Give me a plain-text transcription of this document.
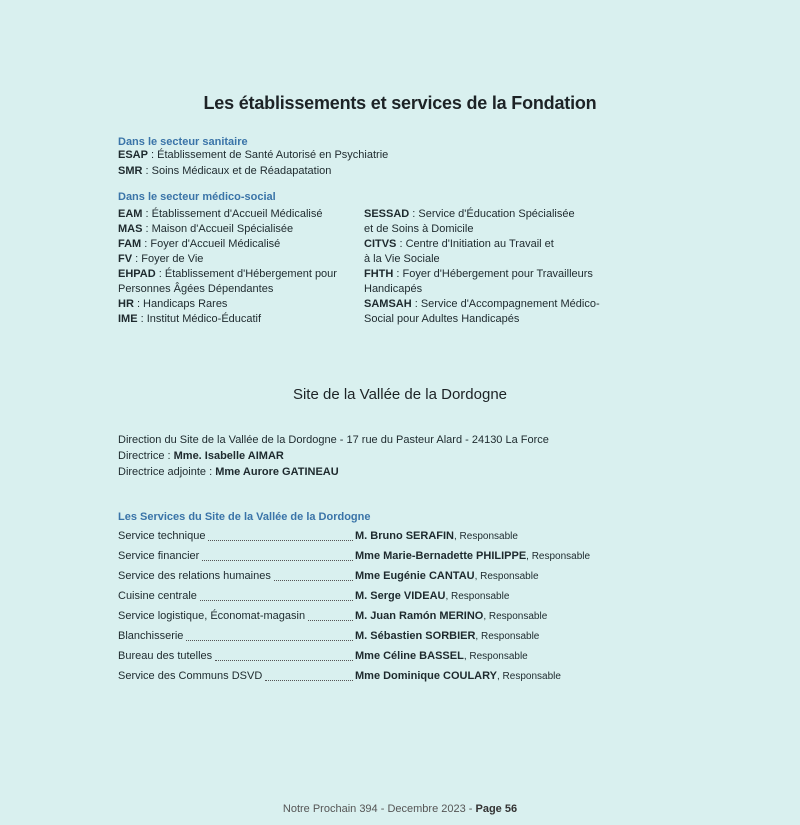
Les établissements et services de la Fondation
Dans le secteur sanitaire
ESAP : Établissement de Santé Autorisé en Psychiatrie
SMR : Soins Médicaux et de Réadapatation
Dans le secteur médico-social
EAM : Établissement d'Accueil Médicalisé
MAS : Maison d'Accueil Spécialisée
FAM : Foyer d'Accueil Médicalisé
FV : Foyer de Vie
EHPAD : Établissement d'Hébergement pour
Personnes Âgées Dépendantes
HR : Handicaps Rares
IME : Institut Médico-Éducatif
SESSAD : Service d'Éducation Spécialisée
et de Soins à Domicile
CITVS : Centre d'Initiation au Travail et
à la Vie Sociale
FHTH : Foyer d'Hébergement pour Travailleurs
Handicapés
SAMSAH : Service d'Accompagnement Médico-
Social pour Adultes Handicapés
Site de la Vallée de la Dordogne
Direction du Site de la Vallée de la Dordogne - 17 rue du Pasteur Alard - 24130 La Force
Directrice : Mme. Isabelle AIMAR
Directrice adjointe : Mme Aurore GATINEAU
Les Services du Site de la Vallée de la Dordogne
Service technique	M. Bruno SERAFIN, Responsable
Service financier	Mme Marie-Bernadette PHILIPPE, Responsable
Service des relations humaines	Mme Eugénie CANTAU, Responsable
Cuisine centrale	M. Serge VIDEAU, Responsable
Service logistique, Économat-magasin	M. Juan Ramón MERINO, Responsable
Blanchisserie	M. Sébastien SORBIER, Responsable
Bureau des tutelles	Mme Céline BASSEL, Responsable
Service des Communs DSVD	Mme Dominique COULARY, Responsable
Notre Prochain 394 - Decembre 2023 - Page 56
